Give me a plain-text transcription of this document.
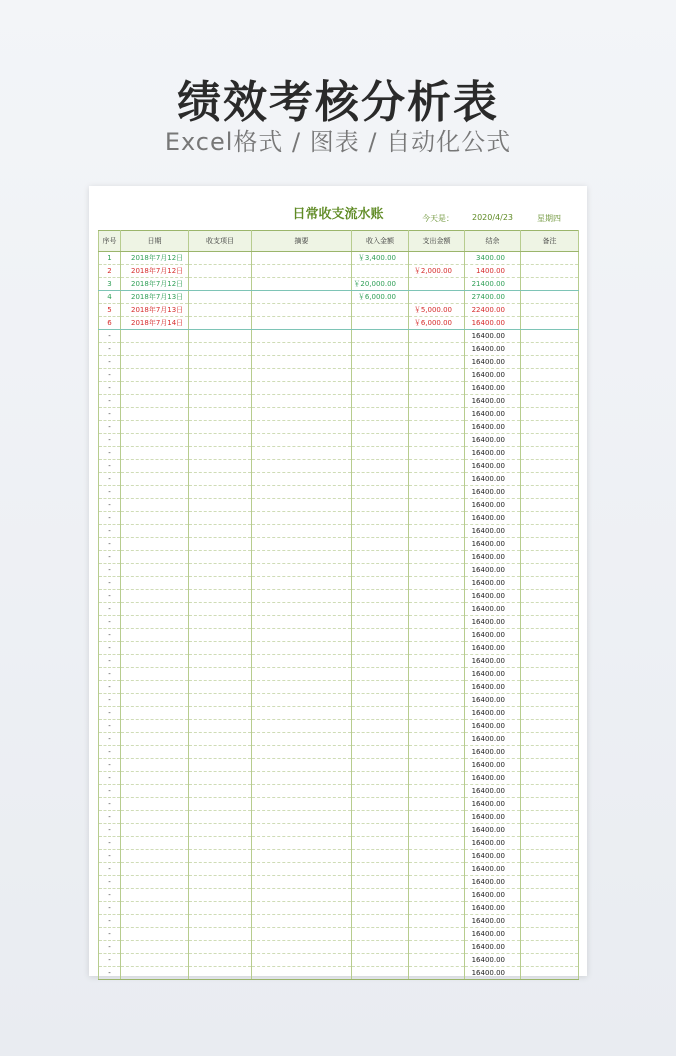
绩效考核分析表
Excel格式 / 图表 / 自动化公式
日常收支流水账	今天是： 2020/4/23	星期四
序号	日期	收支项目	摘要	收入金额	支出金额	结余	备注
1	2018年7月12日			￥3,400.00		3400.00	
2	2018年7月12日				￥2,000.00	1400.00	
3	2018年7月12日			￥20,000.00		21400.00	
4	2018年7月13日			￥6,000.00		27400.00	
5	2018年7月13日				￥5,000.00	22400.00	
6	2018年7月14日				￥6,000.00	16400.00	
-						16400.00	
-						16400.00	
-						16400.00	
-						16400.00	
-						16400.00	
-						16400.00	
-						16400.00	
-						16400.00	
-						16400.00	
-						16400.00	
-						16400.00	
-						16400.00	
-						16400.00	
-						16400.00	
-						16400.00	
-						16400.00	
-						16400.00	
-						16400.00	
-						16400.00	
-						16400.00	
-						16400.00	
-						16400.00	
-						16400.00	
-						16400.00	
-						16400.00	
-						16400.00	
-						16400.00	
-						16400.00	
-						16400.00	
-						16400.00	
-						16400.00	
-						16400.00	
-						16400.00	
-						16400.00	
-						16400.00	
-						16400.00	
-						16400.00	
-						16400.00	
-						16400.00	
-						16400.00	
-						16400.00	
-						16400.00	
-						16400.00	
-						16400.00	
-						16400.00	
-						16400.00	
-						16400.00	
-						16400.00	
-						16400.00	
-						16400.00	
